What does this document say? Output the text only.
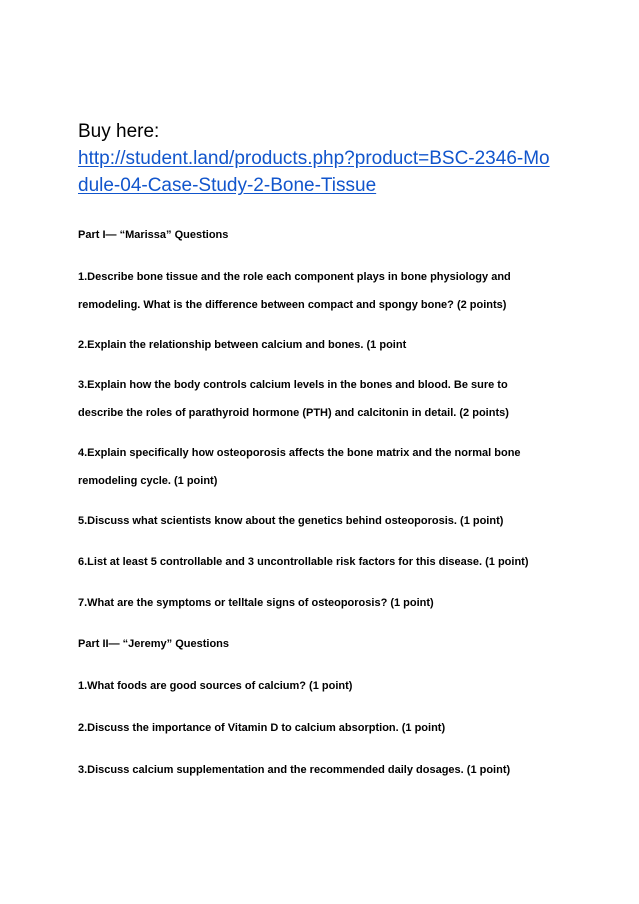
Buy here:

http://student.land/products.php?product=BSC-2346-Mo
dule-04-Case-Study-2-Bone-Tissue

Part I— “Marissa” Questions

1.Describe bone tissue and the role each component plays in bone physiology and
remodeling. What is the difference between compact and spongy bone? (2 points)
2.Explain the relationship between calcium and bones. (1 point
3.Explain how the body controls calcium levels in the bones and blood. Be sure to
describe the roles of parathyroid hormone (PTH) and calcitonin in detail. (2 points)
4.Explain specifically how osteoporosis affects the bone matrix and the normal bone
remodeling cycle. (1 point)
5.Discuss what scientists know about the genetics behind osteoporosis. (1 point)
6.List at least 5 controllable and 3 uncontrollable risk factors for this disease. (1 point)
7.What are the symptoms or telltale signs of osteoporosis? (1 point)

Part II— “Jeremy” Questions

1.What foods are good sources of calcium? (1 point)
2.Discuss the importance of Vitamin D to calcium absorption. (1 point)
3.Discuss calcium supplementation and the recommended daily dosages. (1 point)
